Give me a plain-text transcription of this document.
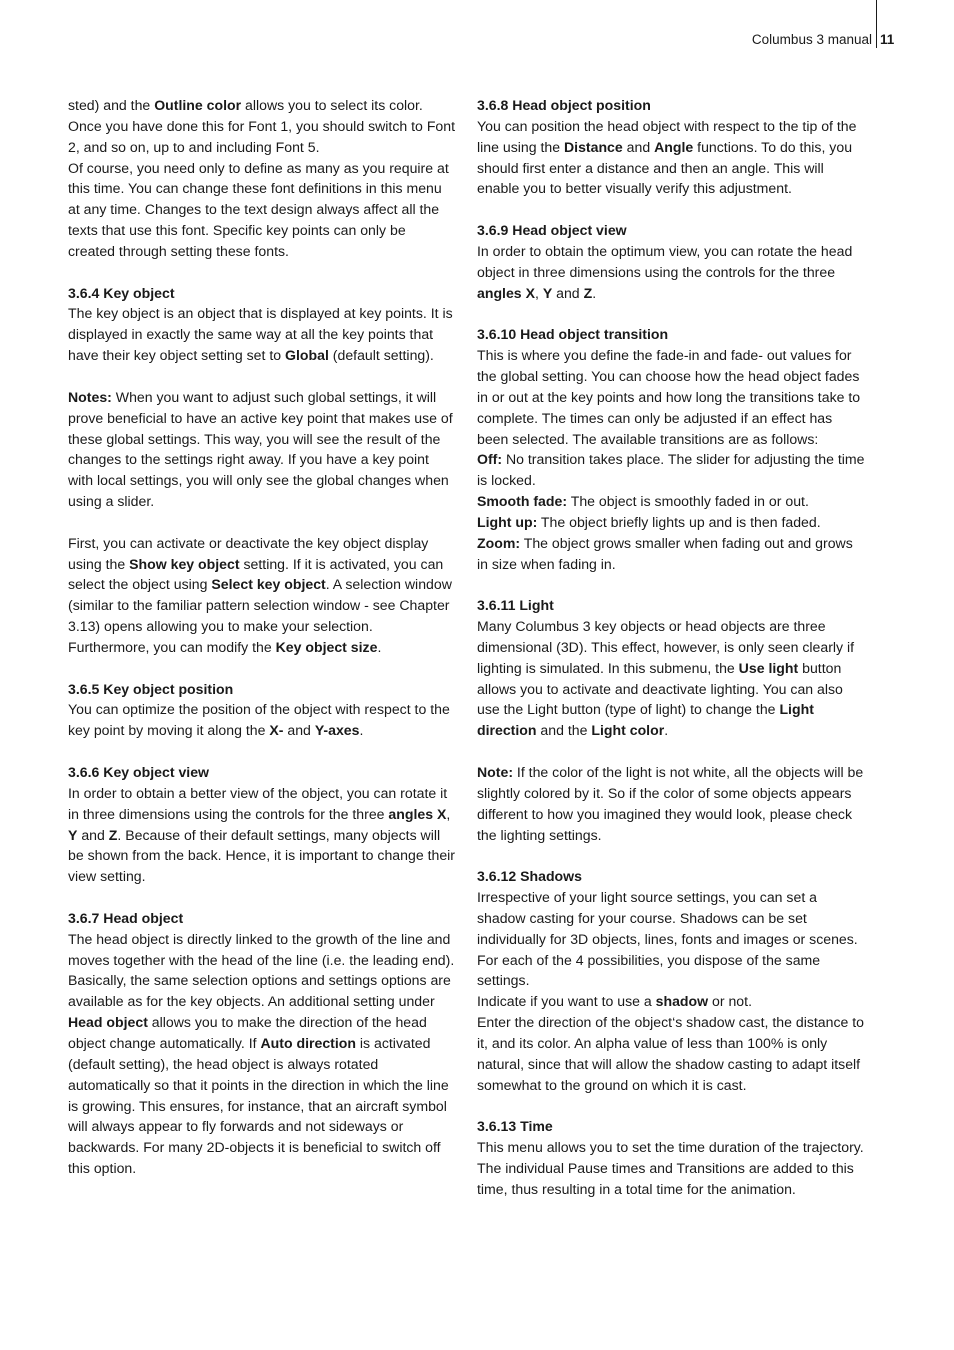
Columbus 3 manual 11

sted) and the Outline color allows you to select its color. Once you have done this for Font 1, you should switch to Font 2, and so on, up to and including Font 5.

Of course, you need only to define as many as you require at this time. You can change these font definitions in this menu at any time. Changes to the text design always affect all the texts that use this font. Specific key points can only be created through setting these fonts.

3.6.4 Key object

The key object is an object that is displayed at key points. It is displayed in exactly the same way at all the key points that have their key object setting set to Global (default setting).

Notes: When you want to adjust such global settings, it will prove beneficial to have an active key point that makes use of these global settings. This way, you will see the result of the changes to the settings right away. If you have a key point with local settings, you will only see the global changes when using a slider.

First, you can activate or deactivate the key object display using the Show key object setting. If it is activated, you can select the object using Select key object. A selection window (similar to the familiar pattern selection window - see Chapter 3.13) opens allowing you to make your selection. Furthermore, you can modify the Key object size.

3.6.5 Key object position

You can optimize the position of the object with respect to the key point by moving it along the X- and Y-axes.

3.6.6 Key object view

In order to obtain a better view of the object, you can rotate it in three dimensions using the controls for the three angles X, Y and Z. Because of their default settings, many objects will be shown from the back. Hence, it is important to change their view setting.

3.6.7 Head object

The head object is directly linked to the growth of the line and moves together with the head of the line (i.e. the leading end). Basically, the same selection options and settings options are available as for the key objects. An additional setting under Head object allows you to make the direction of the head object change automatically. If Auto direction is activated (default setting), the head object is always rotated automatically so that it points in the direction in which the line is growing. This ensures, for instance, that an aircraft symbol will always appear to fly forwards and not sideways or backwards. For many 2D-objects it is beneficial to switch off this option.

3.6.8 Head object position

You can position the head object with respect to the tip of the line using the Distance and Angle functions. To do this, you should first enter a distance and then an angle. This will enable you to better visually verify this adjustment.

3.6.9 Head object view

In order to obtain the optimum view, you can rotate the head object in three dimensions using the controls for the three angles X, Y and Z.

3.6.10 Head object transition

This is where you define the fade-in and fade- out values for the global setting. You can choose how the head object fades in or out at the key points and how long the transitions take to complete. The times can only be adjusted if an effect has been selected. The available transitions are as follows:

Off: No transition takes place. The slider for adjusting the time is locked.

Smooth fade: The object is smoothly faded in or out.

Light up: The object briefly lights up and is then faded.

Zoom: The object grows smaller when fading out and grows in size when fading in.

3.6.11 Light

Many Columbus 3 key objects or head objects are three dimensional (3D). This effect, however, is only seen clearly if lighting is simulated. In this submenu, the Use light button allows you to activate and deactivate lighting. You can also use the Light button (type of light) to change the Light direction and the Light color.

Note: If the color of the light is not white, all the objects will be slightly colored by it. So if the color of some objects appears different to how you imagined they would look, please check the lighting settings.

3.6.12 Shadows

Irrespective of your light source settings, you can set a shadow casting for your course. Shadows can be set individually for 3D objects, lines, fonts and images or scenes.

For each of the 4 possibilities, you dispose of the same settings.

Indicate if you want to use a shadow or not.

Enter the direction of the object‘s shadow cast, the distance to it, and its color. An alpha value of less than 100% is only natural, since that will allow the shadow casting to adapt itself somewhat to the ground on which it is cast.

3.6.13 Time

This menu allows you to set the time duration of the trajectory. The individual Pause times and Transitions are added to this time, thus resulting in a total time for the animation.
